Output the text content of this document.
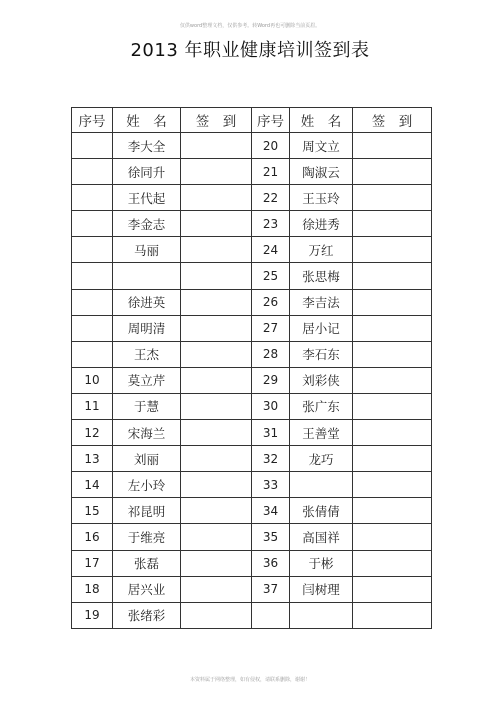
仅供word整理文档，仅供参考。转Word再也可删除当前页眉。
2013 年职业健康培训签到表
序号	姓　名	签　到	序号	姓　名	签　到
	李大全		20	周文立	
	徐同升		21	陶淑云	
	王代起		22	王玉玲	
	李金志		23	徐进秀	
	马丽		24	万红	
			25	张思梅	
	徐进英		26	李吉法	
	周明清		27	居小记	
	王杰		28	李石东	
10	莫立芹		29	刘彩侠	
11	于慧		30	张广东	
12	宋海兰		31	王善堂	
13	刘丽		32	龙巧	
14	左小玲		33		
15	祁昆明		34	张倩倩	
16	于维亮		35	高国祥	
17	张磊		36	于彬	
18	居兴业		37	闫树理	
19	张绪彩				
本资料属于网络整理，如有侵权，请联系删除，谢谢！
